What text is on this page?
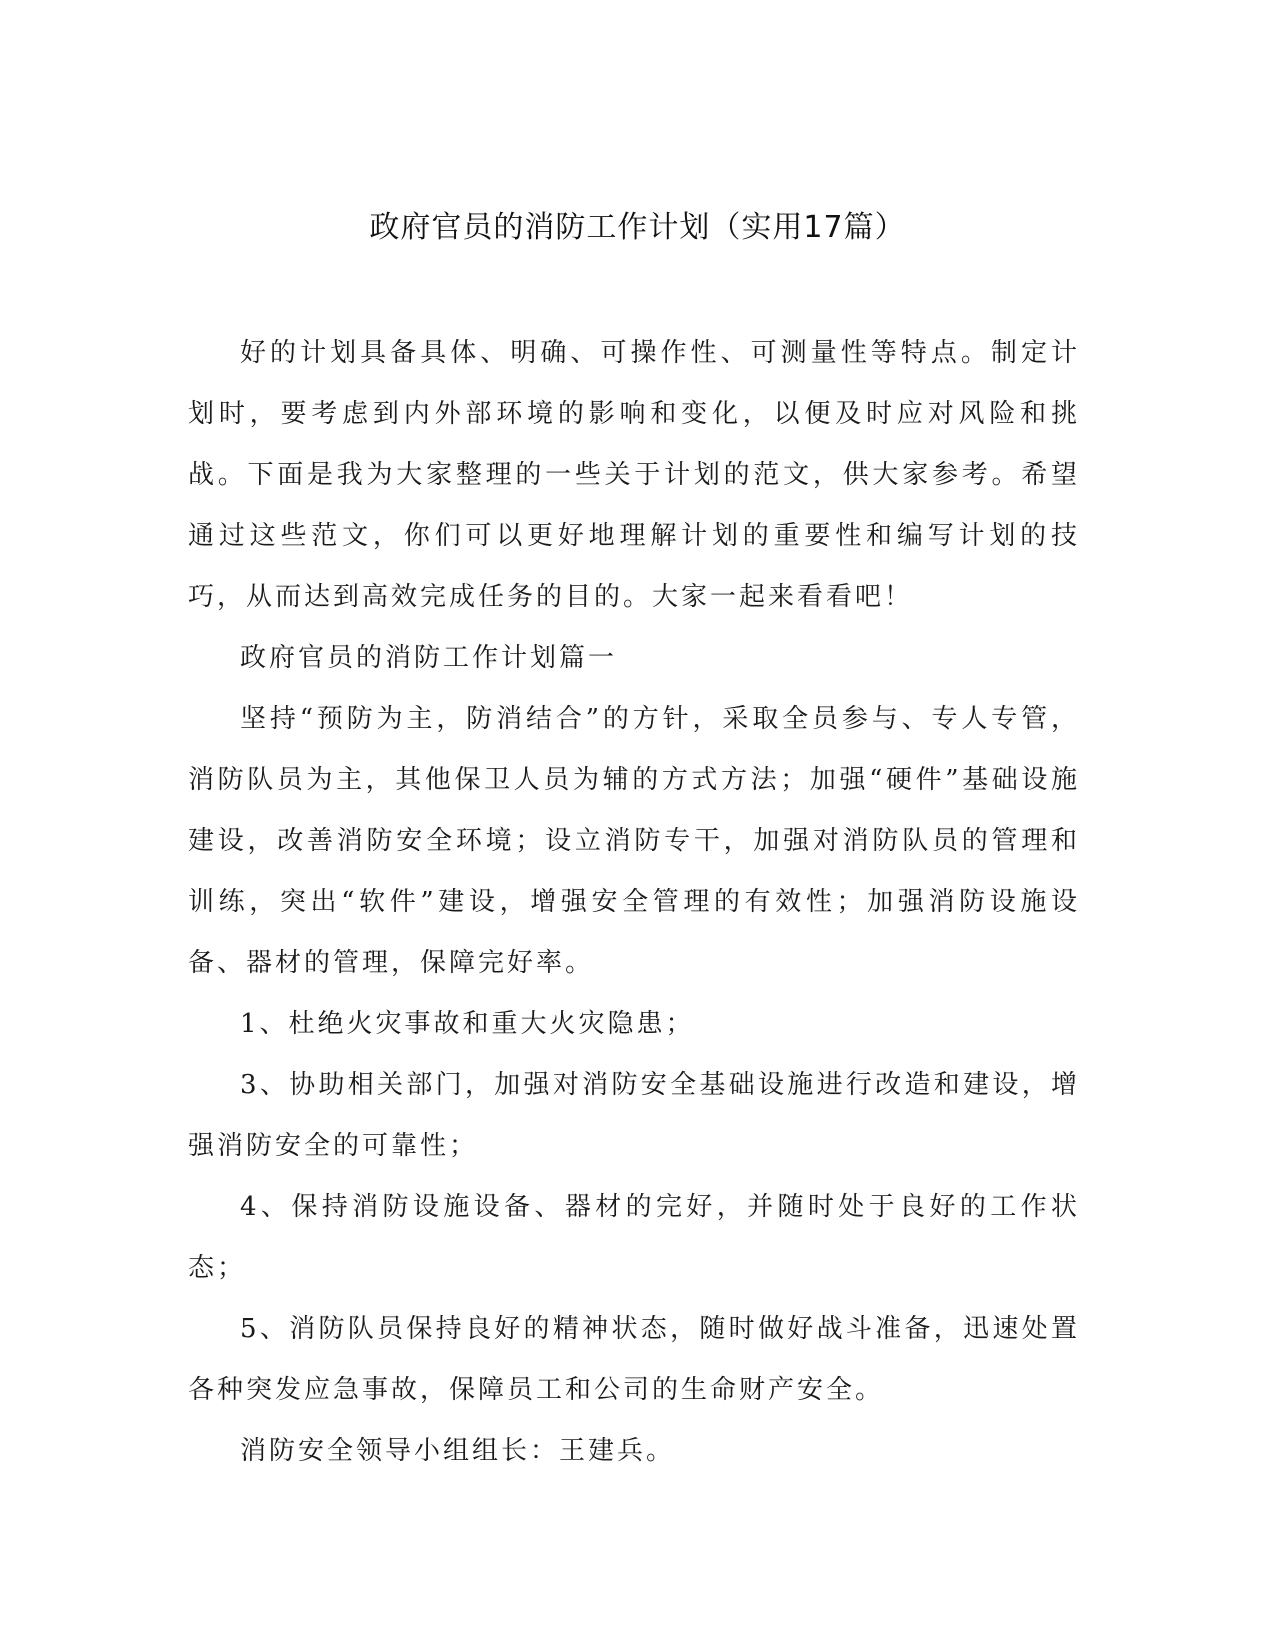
政府官员的消防工作计划（实用17篇）

好的计划具备具体、明确、可操作性、可测量性等特点。制定计划时，要考虑到内外部环境的影响和变化，以便及时应对风险和挑战。下面是我为大家整理的一些关于计划的范文，供大家参考。希望通过这些范文，你们可以更好地理解计划的重要性和编写计划的技巧，从而达到高效完成任务的目的。大家一起来看看吧！

政府官员的消防工作计划篇一

坚持“预防为主，防消结合”的方针，采取全员参与、专人专管，消防队员为主，其他保卫人员为辅的方式方法；加强“硬件”基础设施建设，改善消防安全环境；设立消防专干，加强对消防队员的管理和训练，突出“软件”建设，增强安全管理的有效性；加强消防设施设备、器材的管理，保障完好率。

1、杜绝火灾事故和重大火灾隐患；

3、协助相关部门，加强对消防安全基础设施进行改造和建设，增强消防安全的可靠性；

4、保持消防设施设备、器材的完好，并随时处于良好的工作状态；

5、消防队员保持良好的精神状态，随时做好战斗准备，迅速处置各种突发应急事故，保障员工和公司的生命财产安全。

消防安全领导小组组长：王建兵。
